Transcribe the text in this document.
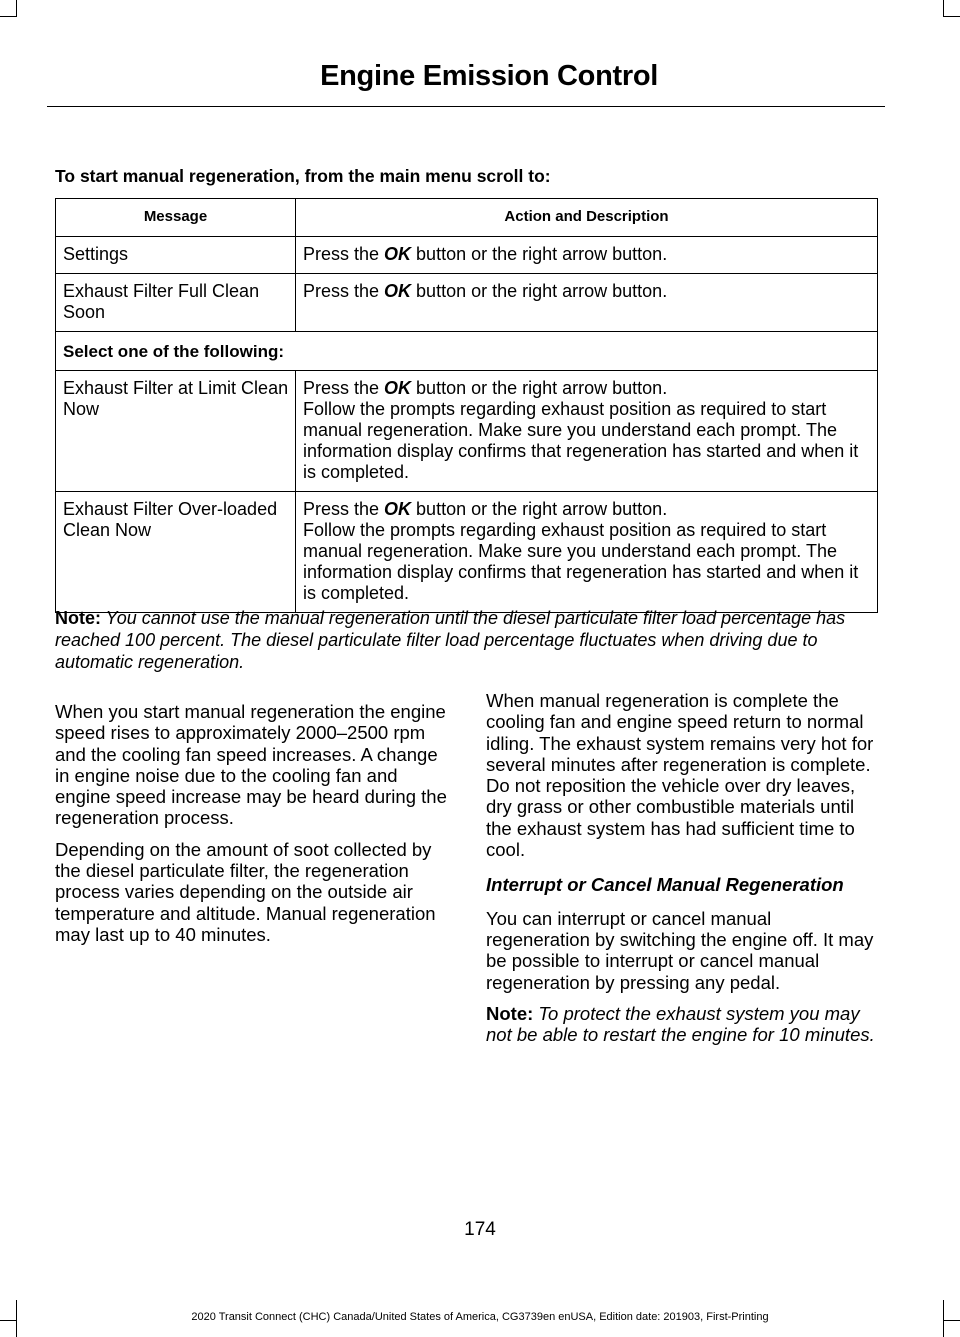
Engine Emission Control
To start manual regeneration, from the main menu scroll to:
Message	Action and Description
Settings	Press the OK button or the right arrow button.
Exhaust Filter Full Clean Soon	Press the OK button or the right arrow button.
Select one of the following:	
Exhaust Filter at Limit Clean Now	Press the OK button or the right arrow button.
Follow the prompts regarding exhaust position as required to start manual regeneration. Make sure you understand each prompt. The information display confirms that regeneration has started and when it is completed.

Exhaust Filter Over-loaded Clean Now	Press the OK button or the right arrow button.
Follow the prompts regarding exhaust position as required to start manual regeneration. Make sure you understand each prompt. The information display confirms that regeneration has started and when it is completed.
Note: You cannot use the manual regeneration until the diesel particulate filter load percentage has reached 100 percent. The diesel particulate filter load percentage fluctuates when driving due to automatic regeneration.

When you start manual regeneration the engine speed rises to approximately 2000–2500 rpm and the cooling fan speed increases. A change in engine noise due to the cooling fan and engine speed increase may be heard during the regeneration process.

Depending on the amount of soot collected by the diesel particulate filter, the regeneration process varies depending on the outside air temperature and altitude. Manual regeneration may last up to 40 minutes.

When manual regeneration is complete the cooling fan and engine speed return to normal idling. The exhaust system remains very hot for several minutes after regeneration is complete. Do not reposition the vehicle over dry leaves, dry grass or other combustible materials until the exhaust system has had sufficient time to cool.

Interrupt or Cancel Manual Regeneration

You can interrupt or cancel manual regeneration by switching the engine off. It may be possible to interrupt or cancel manual regeneration by pressing any pedal.

Note: To protect the exhaust system you may not be able to restart the engine for 10 minutes.

174
2020 Transit Connect (CHC) Canada/United States of America, CG3739en enUSA, Edition date: 201903, First-Printing
